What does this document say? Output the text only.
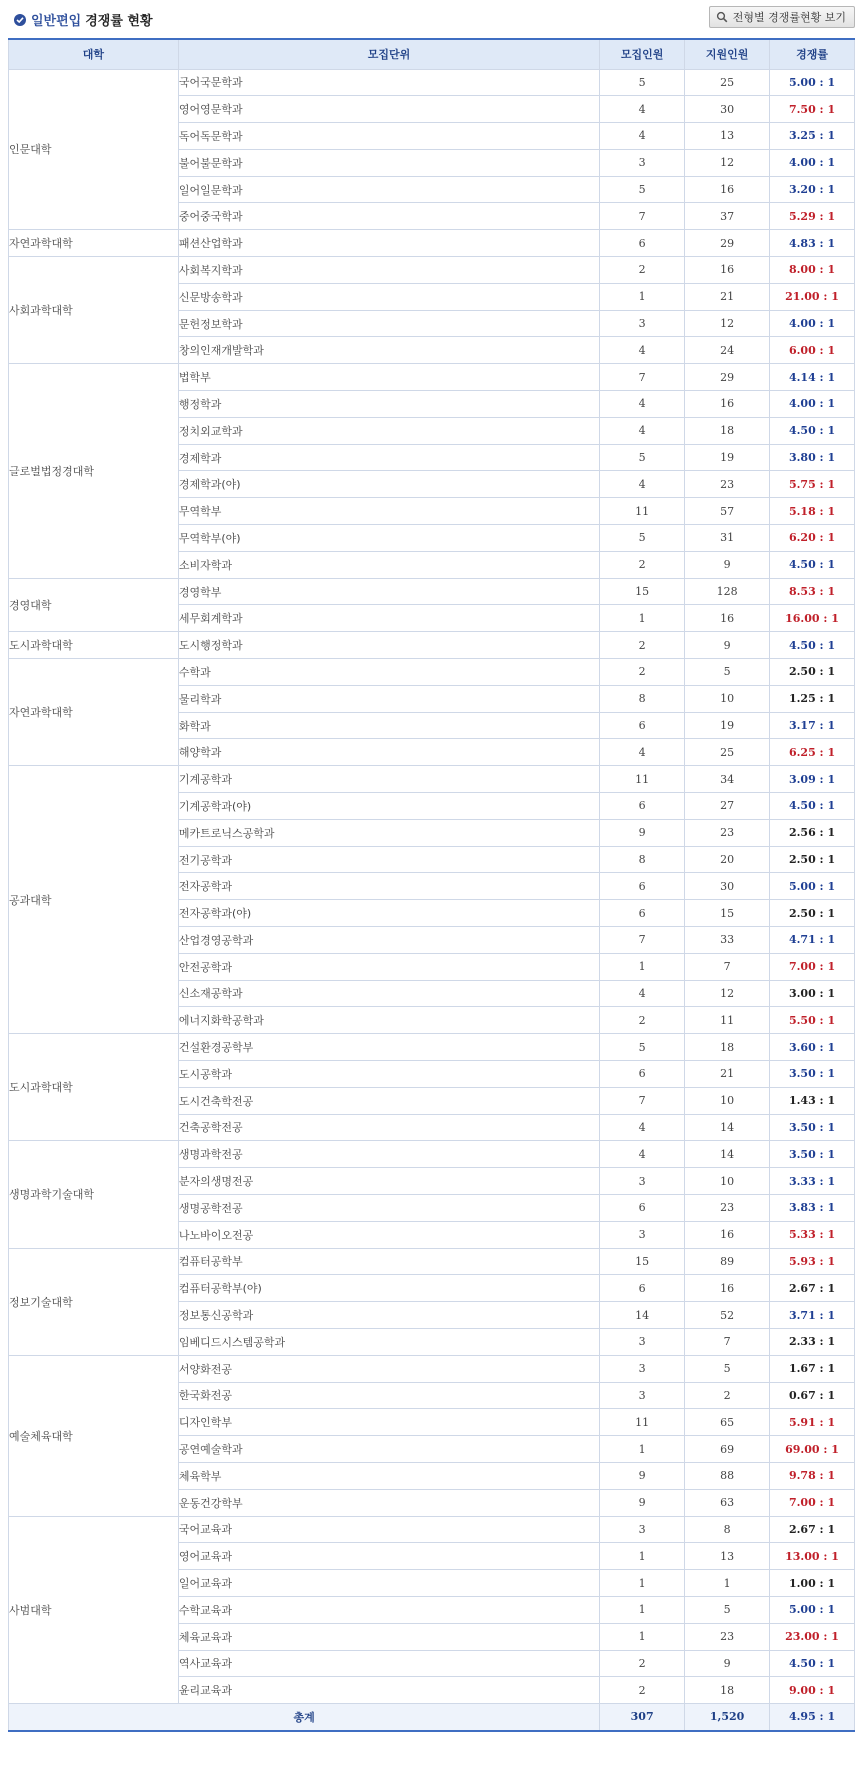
일반편입 경쟁률 현황	전형별 경쟁률현황 보기
대학	모집단위	모집인원	지원인원	경쟁률
인문대학	국어국문학과	5	25	5.00 : 1
	영어영문학과	4	30	7.50 : 1
	독어독문학과	4	13	3.25 : 1
	불어불문학과	3	12	4.00 : 1
	일어일문학과	5	16	3.20 : 1
	중어중국학과	7	37	5.29 : 1
자연과학대학	패션산업학과	6	29	4.83 : 1
사회과학대학	사회복지학과	2	16	8.00 : 1
	신문방송학과	1	21	21.00 : 1
	문헌정보학과	3	12	4.00 : 1
	창의인재개발학과	4	24	6.00 : 1
글로벌법정경대학	법학부	7	29	4.14 : 1
	행정학과	4	16	4.00 : 1
	정치외교학과	4	18	4.50 : 1
	경제학과	5	19	3.80 : 1
	경제학과(야)	4	23	5.75 : 1
	무역학부	11	57	5.18 : 1
	무역학부(야)	5	31	6.20 : 1
	소비자학과	2	9	4.50 : 1
경영대학	경영학부	15	128	8.53 : 1
	세무회계학과	1	16	16.00 : 1
도시과학대학	도시행정학과	2	9	4.50 : 1
자연과학대학	수학과	2	5	2.50 : 1
	물리학과	8	10	1.25 : 1
	화학과	6	19	3.17 : 1
	해양학과	4	25	6.25 : 1
공과대학	기계공학과	11	34	3.09 : 1
	기계공학과(야)	6	27	4.50 : 1
	메카트로닉스공학과	9	23	2.56 : 1
	전기공학과	8	20	2.50 : 1
	전자공학과	6	30	5.00 : 1
	전자공학과(야)	6	15	2.50 : 1
	산업경영공학과	7	33	4.71 : 1
	안전공학과	1	7	7.00 : 1
	신소재공학과	4	12	3.00 : 1
	에너지화학공학과	2	11	5.50 : 1
도시과학대학	건설환경공학부	5	18	3.60 : 1
	도시공학과	6	21	3.50 : 1
	도시건축학전공	7	10	1.43 : 1
	건축공학전공	4	14	3.50 : 1
생명과학기술대학	생명과학전공	4	14	3.50 : 1
	분자의생명전공	3	10	3.33 : 1
	생명공학전공	6	23	3.83 : 1
	나노바이오전공	3	16	5.33 : 1
정보기술대학	컴퓨터공학부	15	89	5.93 : 1
	컴퓨터공학부(야)	6	16	2.67 : 1
	정보통신공학과	14	52	3.71 : 1
	임베디드시스템공학과	3	7	2.33 : 1
예술체육대학	서양화전공	3	5	1.67 : 1
	한국화전공	3	2	0.67 : 1
	디자인학부	11	65	5.91 : 1
	공연예술학과	1	69	69.00 : 1
	체육학부	9	88	9.78 : 1
	운동건강학부	9	63	7.00 : 1
사범대학	국어교육과	3	8	2.67 : 1
	영어교육과	1	13	13.00 : 1
	일어교육과	1	1	1.00 : 1
	수학교육과	1	5	5.00 : 1
	체육교육과	1	23	23.00 : 1
	역사교육과	2	9	4.50 : 1
	윤리교육과	2	18	9.00 : 1
총계		307	1,520	4.95 : 1
